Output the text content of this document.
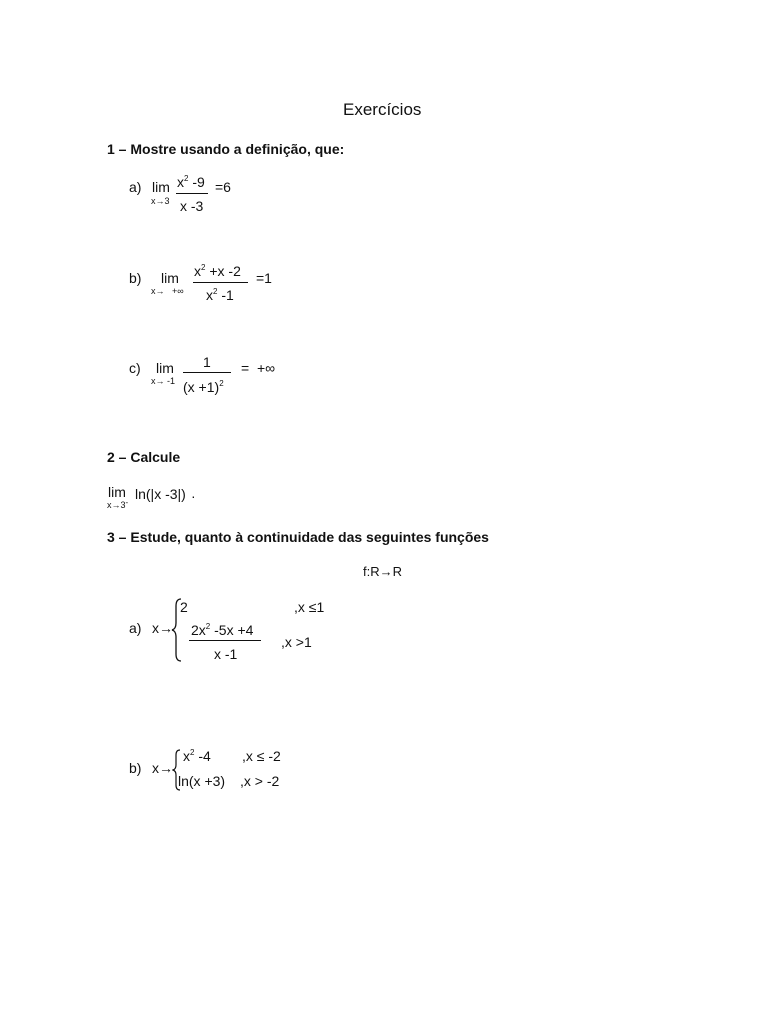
Exercícios
1 – Mostre usando a definição, que:
a) lim
x→3
$x^2$ -9
x -3
=6
b) lim
x→ +∞
$x^2 +x$ -2
$x^2$ -1
=1
c) lim
x→ -1
1
$(x +1)^2$
= +∞
2 – Calcule
lim
x→3-
ln(|x -3|) ·
3 – Estude, quanto à continuidade das seguintes funções
f:R→R
a) x→
2	,x ≤1
$2x^2$ -5x +4
x -1
,x >1
b) x→
$x^2$ -4 ,x ≤ -2
ln(x +3) ,x > -2
